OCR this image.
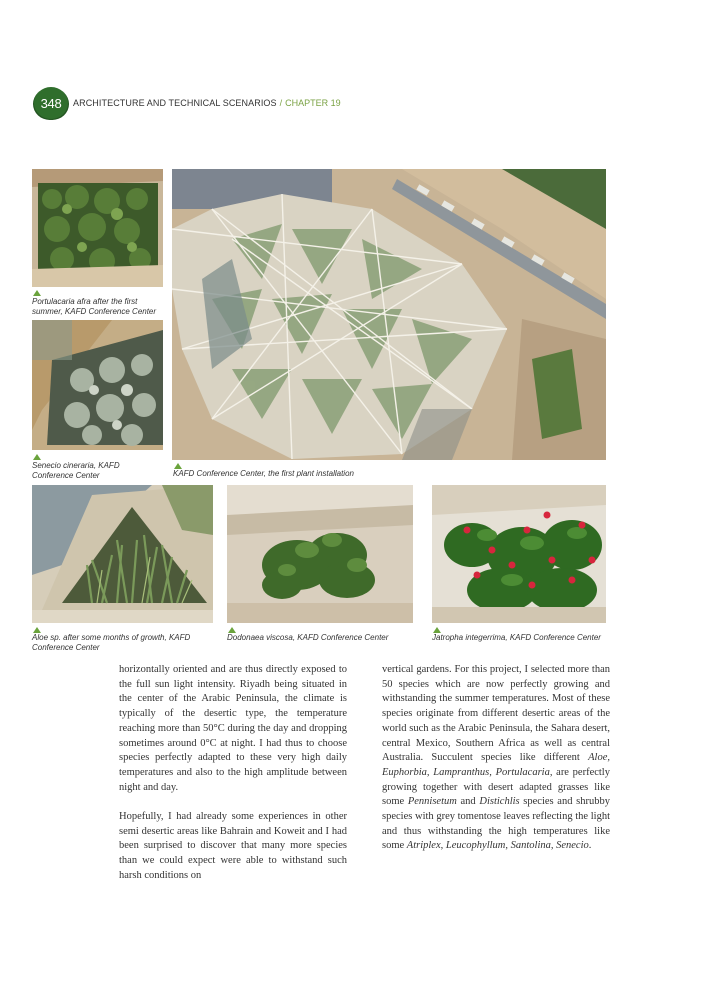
348 ARCHITECTURE AND TECHNICAL SCENARIOS / CHAPTER 19
Portulacaria afra after the first summer, KAFD Conference Center
Senecio cineraria, KAFD Conference Center	KAFD Conference Center, the first plant installation
Aloe sp. after some months of growth, KAFD Conference Center
Dodonaea viscosa, KAFD Conference Center	Jatropha integerrima, KAFD Conference Center

horizontally oriented and are thus directly exposed to the full sun light intensity. Riyadh being situated in the center of the Arabic Peninsula, the climate is typically of the desertic type, the temperature reaching more than 50°C during the day and dropping sometimes around 0°C at night. I had thus to choose species perfectly adapted to these very high daily temperatures and also to the high amplitude between night and day.

Hopefully, I had already some experiences in other semi desertic areas like Bahrain and Koweit and I had been surprised to discover that many more species than we could expect were able to withstand such harsh conditions on

vertical gardens. For this project, I selected more than 50 species which are now perfectly growing and withstanding the summer temperatures. Most of these species originate from different desertic areas of the world such as the Arabic Peninsula, the Sahara desert, central Mexico, Southern Africa as well as central Australia. Succulent species like different Aloe, Euphorbia, Lampranthus, Portulacaria, are perfectly growing together with desert adapted grasses like some Pennisetum and Distichlis species and shrubby species with grey tomentose leaves reflecting the light and thus withstanding the high temperatures like some Atriplex, Leucophyllum, Santolina, Senecio.
